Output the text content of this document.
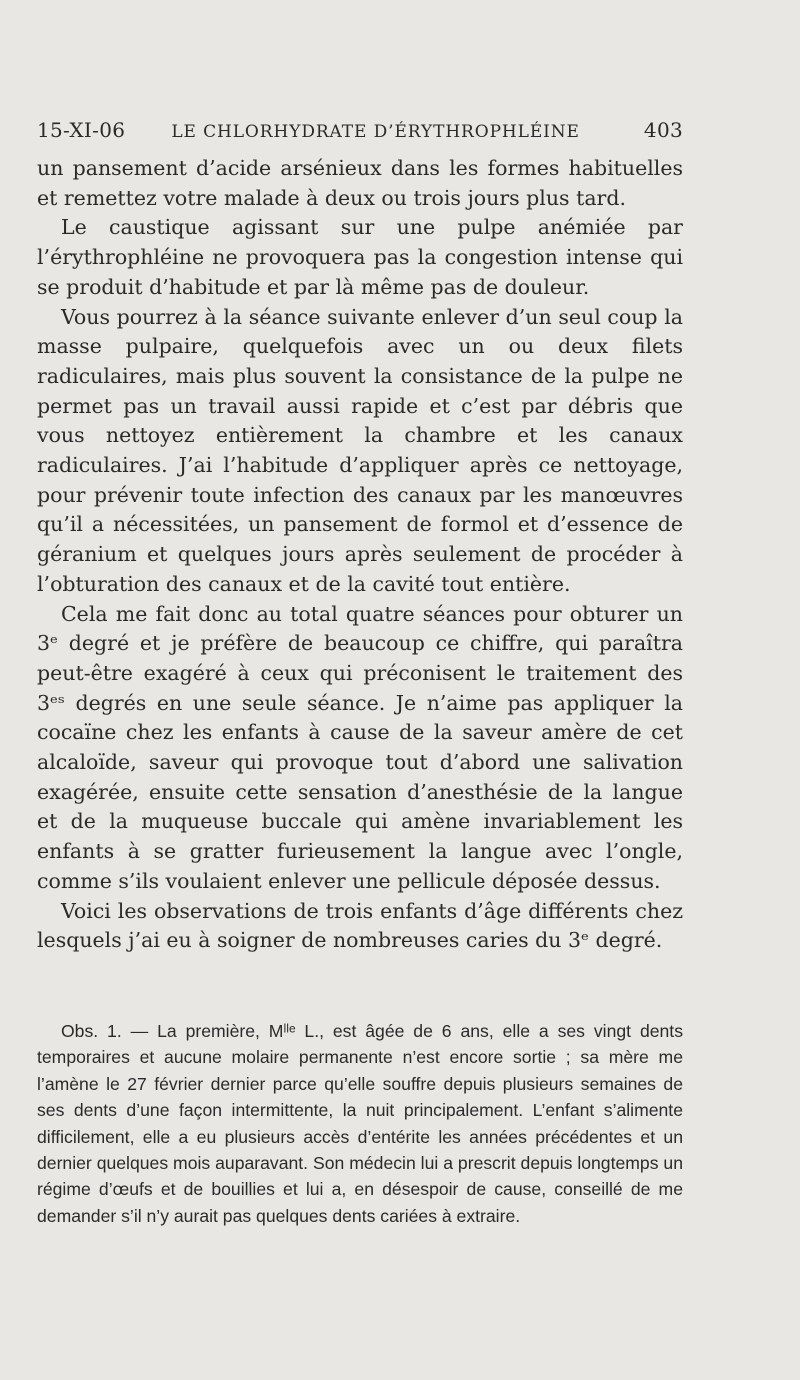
15-XI-06	LE CHLORHYDRATE D’ÉRYTHROPHLÉINE	403

un pansement d’acide arsénieux dans les formes habituelles et remettez votre malade à deux ou trois jours plus tard.

Le caustique agissant sur une pulpe anémiée par l’érythrophléine ne provoquera pas la congestion intense qui se produit d’habitude et par là même pas de douleur.

Vous pourrez à la séance suivante enlever d’un seul coup la masse pulpaire, quelquefois avec un ou deux filets radiculaires, mais plus souvent la consistance de la pulpe ne permet pas un travail aussi rapide et c’est par débris que vous nettoyez entièrement la chambre et les canaux radiculaires. J’ai l’habitude d’appliquer après ce nettoyage, pour prévenir toute infection des canaux par les manœuvres qu’il a nécessitées, un pansement de formol et d’essence de géranium et quelques jours après seulement de procéder à l’obturation des canaux et de la cavité tout entière.

Cela me fait donc au total quatre séances pour obturer un 3ᵉ degré et je préfère de beaucoup ce chiffre, qui paraîtra peut-être exagéré à ceux qui préconisent le traitement des 3ᵉˢ degrés en une seule séance. Je n’aime pas appliquer la cocaïne chez les enfants à cause de la saveur amère de cet alcaloïde, saveur qui provoque tout d’abord une salivation exagérée, ensuite cette sensation d’anesthésie de la langue et de la muqueuse buccale qui amène invariablement les enfants à se gratter furieusement la langue avec l’ongle, comme s’ils voulaient enlever une pellicule déposée dessus.

Voici les observations de trois enfants d’âge différents chez lesquels j’ai eu à soigner de nombreuses caries du 3ᵉ degré.

Obs. 1. — La première, Mˡˡᵉ L., est âgée de 6 ans, elle a ses vingt dents temporaires et aucune molaire permanente n’est encore sortie ; sa mère me l’amène le 27 février dernier parce qu’elle souffre depuis plusieurs semaines de ses dents d’une façon intermittente, la nuit principalement. L’enfant s’alimente difficilement, elle a eu plusieurs accès d’entérite les années précédentes et un dernier quelques mois auparavant. Son médecin lui a prescrit depuis longtemps un régime d’œufs et de bouillies et lui a, en désespoir de cause, conseillé de me demander s’il n’y aurait pas quelques dents cariées à extraire.
